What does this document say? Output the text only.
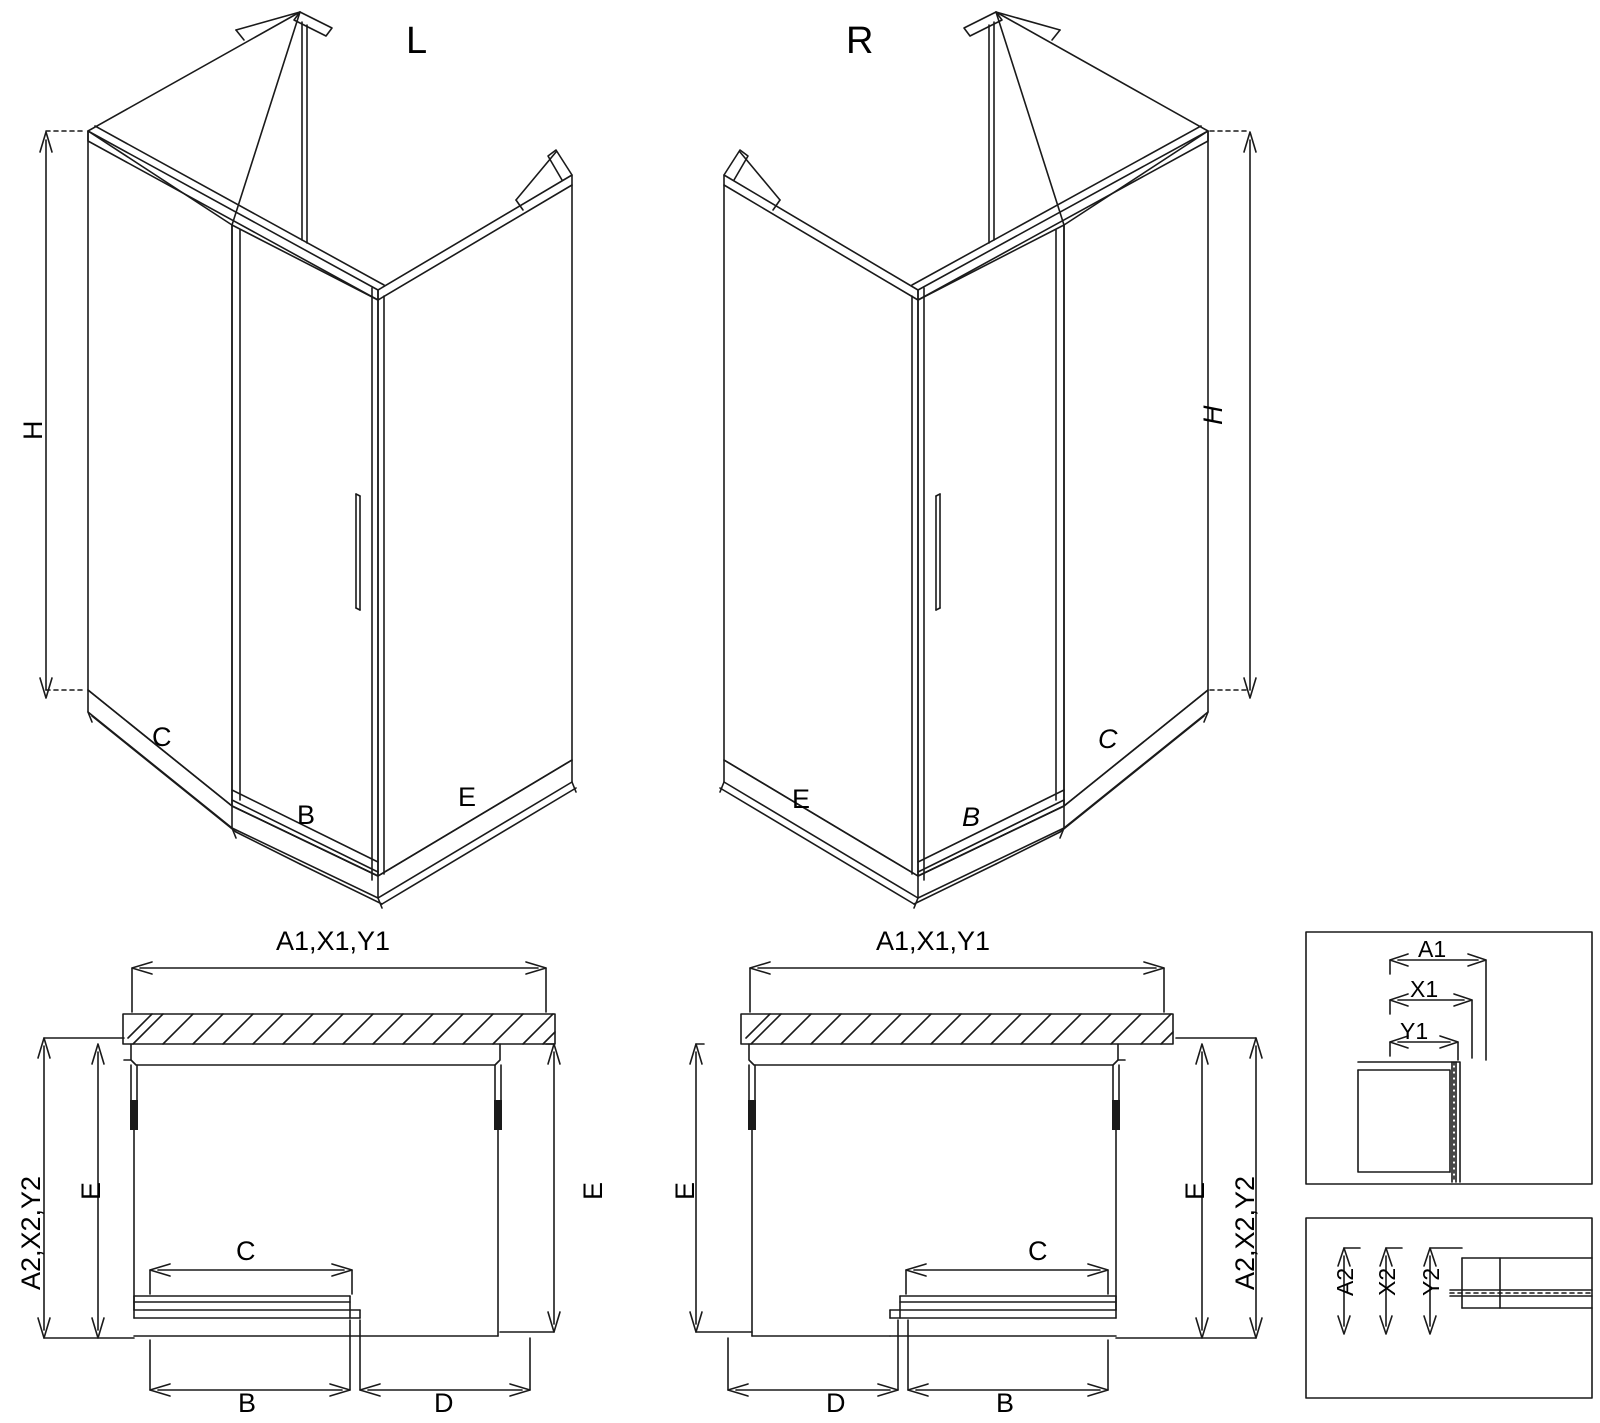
L	R
H
H
C
B
E
C
B
E
A1,X1,Y1
A2,X2,Y2 E	E
C
B	D
A1,X1,Y1
A2,X2,Y2
E
E
C
B
D
A1
X1
Y1
A2 X2 Y2
